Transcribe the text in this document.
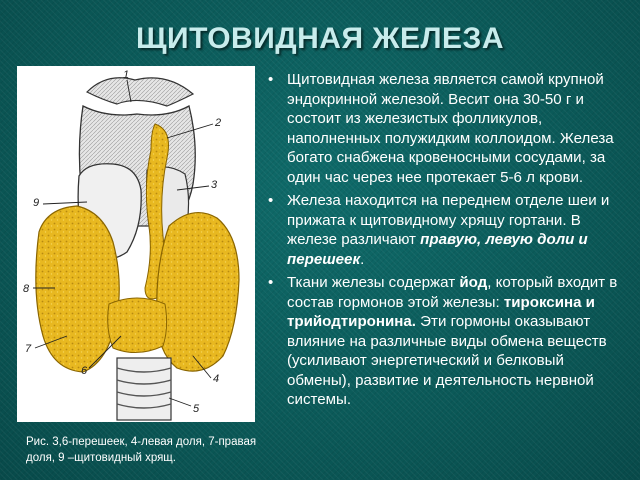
ЩИТОВИДНАЯ ЖЕЛЕЗА
1
2
3
9
8
7
6
4
5
Рис. 3,6-перешеек, 4-левая доля, 7-правая доля, 9 –щитовидный хрящ.
• Щитовидная железа является самой крупной эндокринной железой. Весит она 30-50 г и состоит из железистых фолликулов, наполненных полужидким коллоидом. Железа богато снабжена кровеносными сосудами, за один час через нее протекает 5-6 л крови.
• Железа находится на переднем отделе шеи и прижата к щитовидному хрящу гортани. В железе различают правую, левую доли и перешеек.
• Ткани железы содержат йод, который входит в состав гормонов этой железы: тироксина и трийодтиронина. Эти гормоны оказывают влияние на различные виды обмена веществ (усиливают энергетический и белковый обмены), развитие и деятельность нервной системы.
